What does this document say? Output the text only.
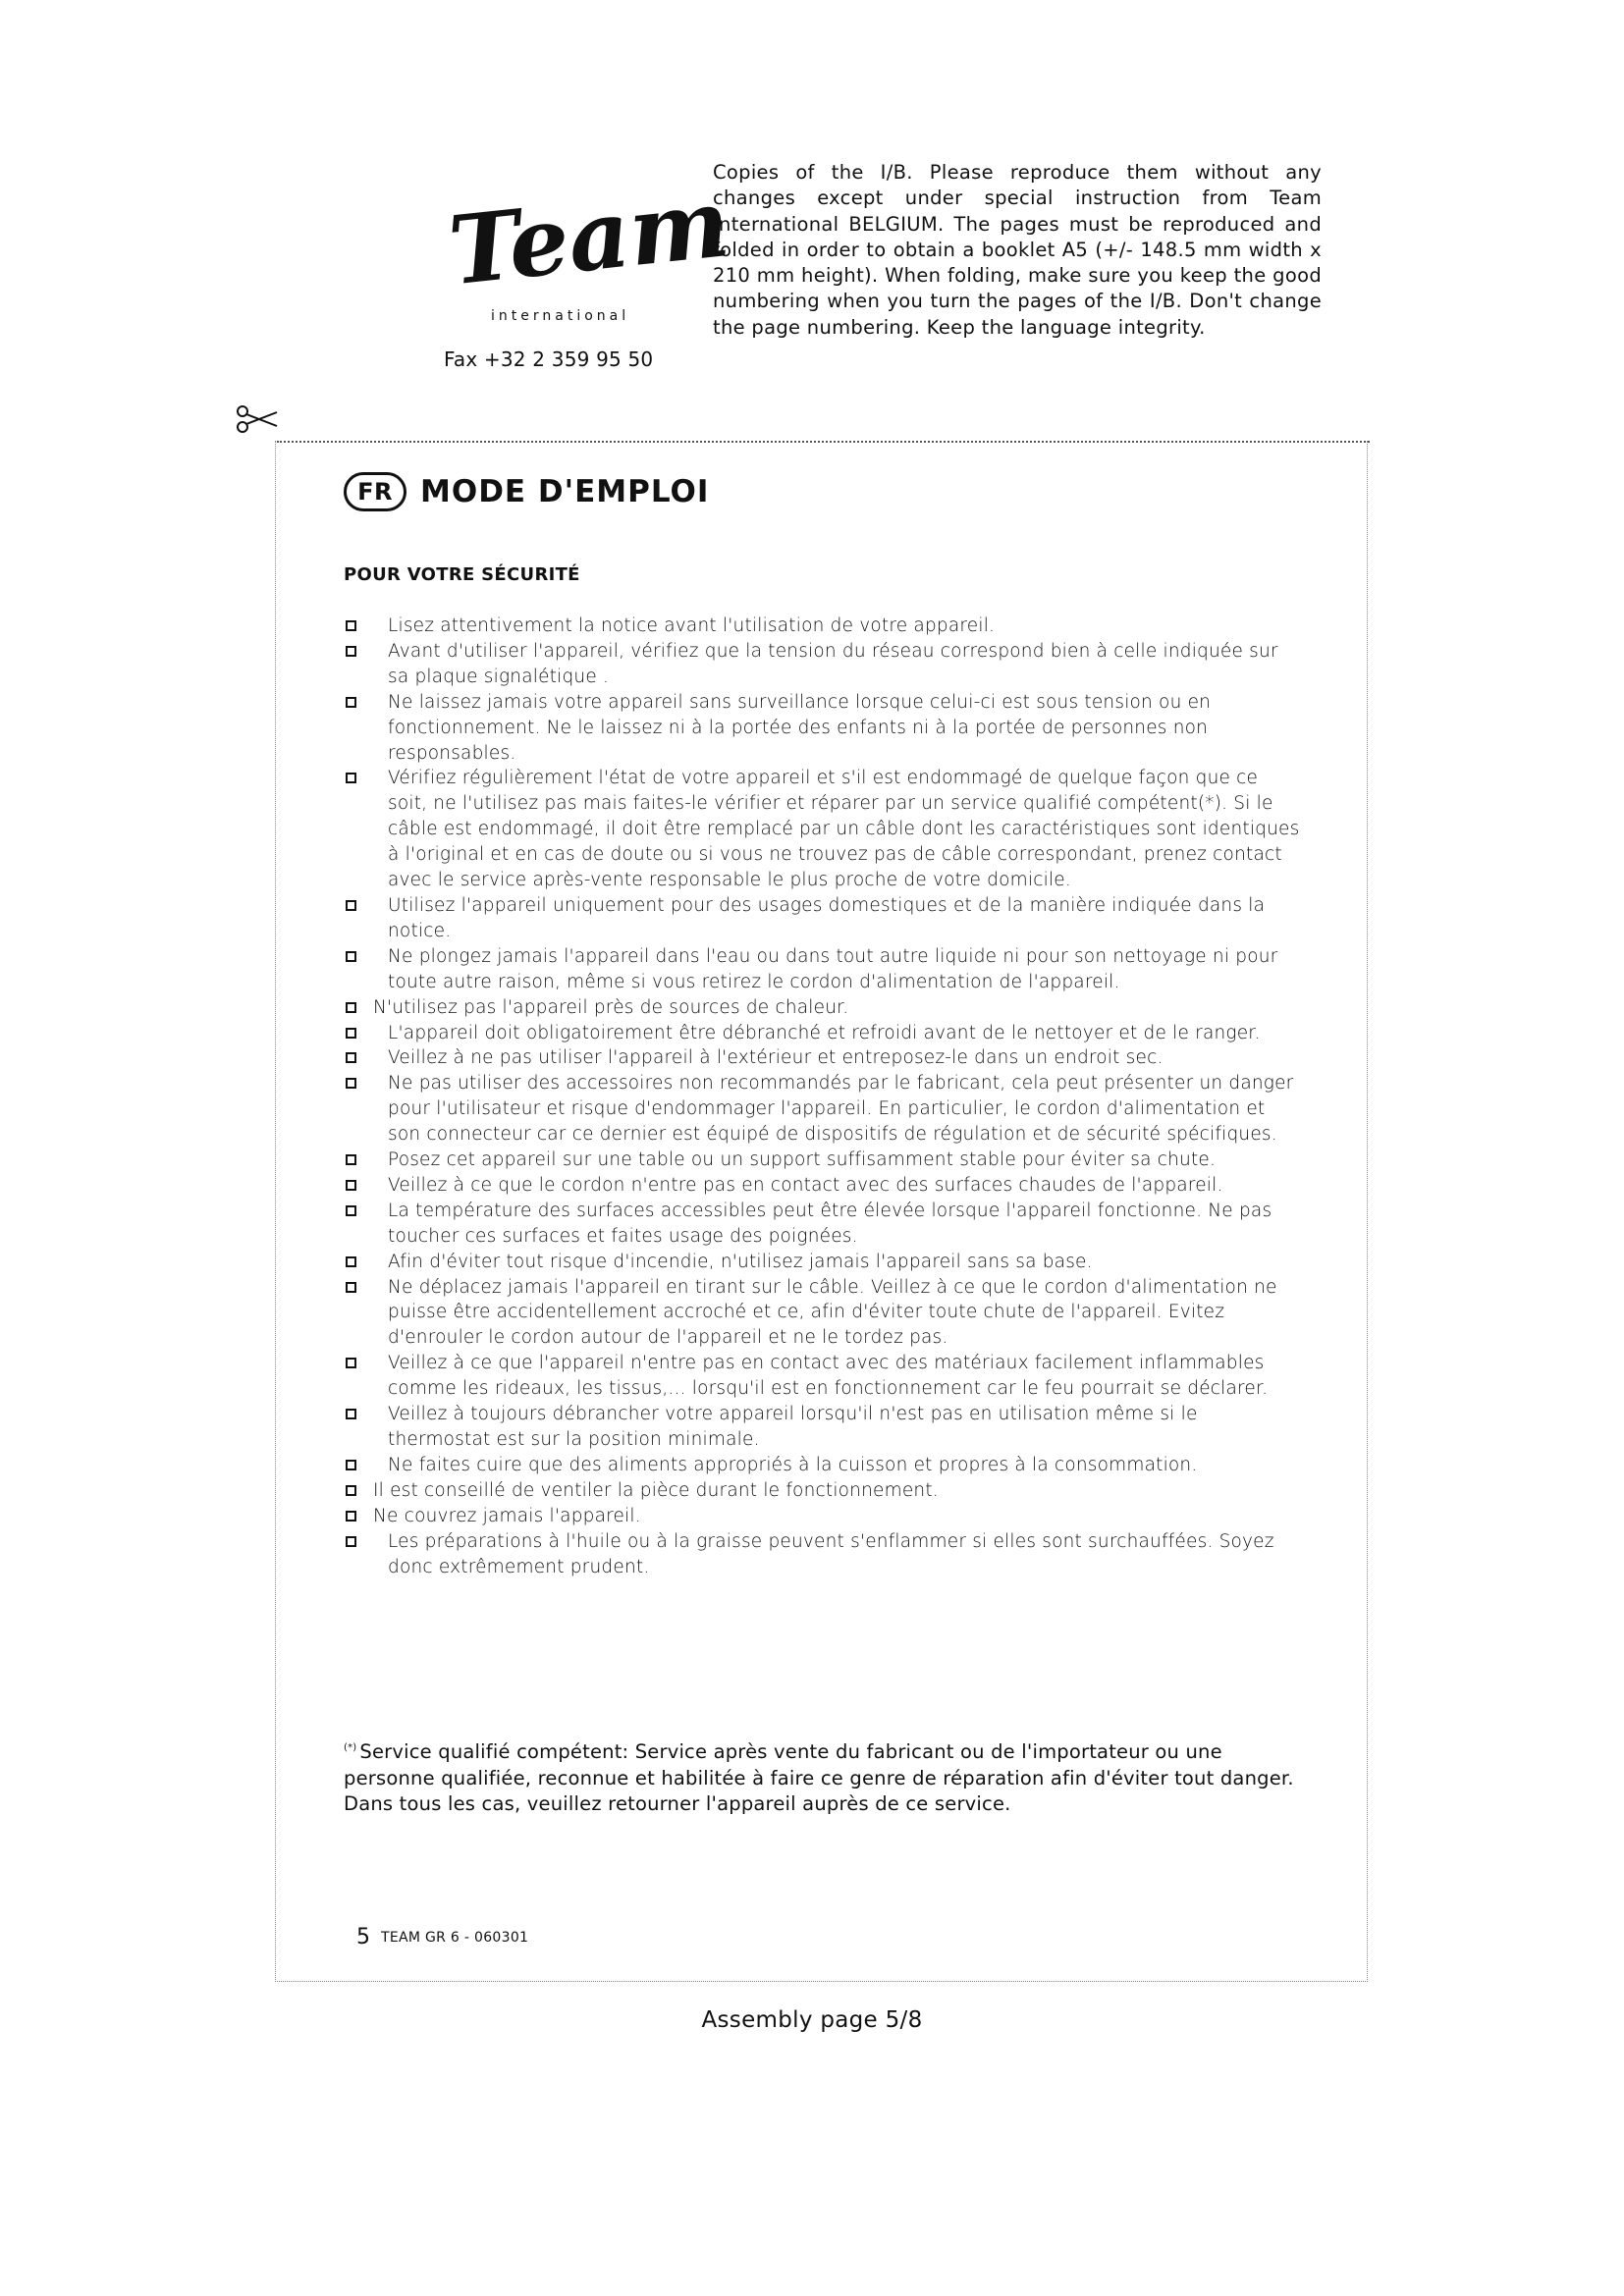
Team
international
Fax +32 2 359 95 50
Copies of the I/B. Please reproduce them without any changes except under special instruction from Team International BELGIUM. The pages must be reproduced and folded in order to obtain a booklet A5 (+/- 148.5 mm width x 210 mm height). When folding, make sure you keep the good numbering when you turn the pages of the I/B. Don't change the page numbering. Keep the language integrity.
FR MODE D'EMPLOI
POUR VOTRE SÉCURITÉ
Lisez attentivement la notice avant l'utilisation de votre appareil.
Avant d'utiliser l'appareil, vérifiez que la tension du réseau correspond bien à celle indiquée sur sa plaque signalétique .
Ne laissez jamais votre appareil sans surveillance lorsque celui-ci est sous tension ou en fonctionnement. Ne le laissez ni à la portée des enfants ni à la portée de personnes non responsables.
Vérifiez régulièrement l'état de votre appareil et s'il est endommagé de quelque façon que ce soit, ne l'utilisez pas mais faites-le vérifier et réparer par un service qualifié compétent(*). Si le câble est endommagé, il doit être remplacé par un câble dont les caractéristiques sont identiques à l'original et en cas de doute ou si vous ne trouvez pas de câble correspondant, prenez contact avec le service après-vente responsable le plus proche de votre domicile.
Utilisez l'appareil uniquement pour des usages domestiques et de la manière indiquée dans la notice.
Ne plongez jamais l'appareil dans l'eau ou dans tout autre liquide ni pour son nettoyage ni pour toute autre raison, même si vous retirez le cordon d'alimentation de l'appareil.
N'utilisez pas l'appareil près de sources de chaleur.
L'appareil doit obligatoirement être débranché et refroidi avant de le nettoyer et de le ranger.
Veillez à ne pas utiliser l'appareil à l'extérieur et entreposez-le dans un endroit sec.
Ne pas utiliser des accessoires non recommandés par le fabricant, cela peut présenter un danger pour l'utilisateur et risque d'endommager l'appareil. En particulier, le cordon d'alimentation et son connecteur car ce dernier est équipé de dispositifs de régulation et de sécurité spécifiques.
Posez cet appareil sur une table ou un support suffisamment stable pour éviter sa chute.
Veillez à ce que le cordon n'entre pas en contact avec des surfaces chaudes de l'appareil.
La température des surfaces accessibles peut être élevée lorsque l'appareil fonctionne. Ne pas toucher ces surfaces et faites usage des poignées.
Afin d'éviter tout risque d'incendie, n'utilisez jamais l'appareil sans sa base.
Ne déplacez jamais l'appareil en tirant sur le câble. Veillez à ce que le cordon d'alimentation ne puisse être accidentellement accroché et ce, afin d'éviter toute chute de l'appareil. Evitez d'enrouler le cordon autour de l'appareil et ne le tordez pas.
Veillez à ce que l'appareil n'entre pas en contact avec des matériaux facilement inflammables comme les rideaux, les tissus,... lorsqu'il est en fonctionnement car le feu pourrait se déclarer.
Veillez à toujours débrancher votre appareil lorsqu'il n'est pas en utilisation même si le thermostat est sur la position minimale.
Ne faites cuire que des aliments appropriés à la cuisson et propres à la consommation.
Il est conseillé de ventiler la pièce durant le fonctionnement.
Ne couvrez jamais l'appareil.
Les préparations à l'huile ou à la graisse peuvent s'enflammer si elles sont surchauffées. Soyez donc extrêmement prudent.
(*) Service qualifié compétent: Service après vente du fabricant ou de l'importateur ou une personne qualifiée, reconnue et habilitée à faire ce genre de réparation afin d'éviter tout danger. Dans tous les cas, veuillez retourner l'appareil auprès de ce service.
5 TEAM GR 6 - 060301
Assembly page 5/8
